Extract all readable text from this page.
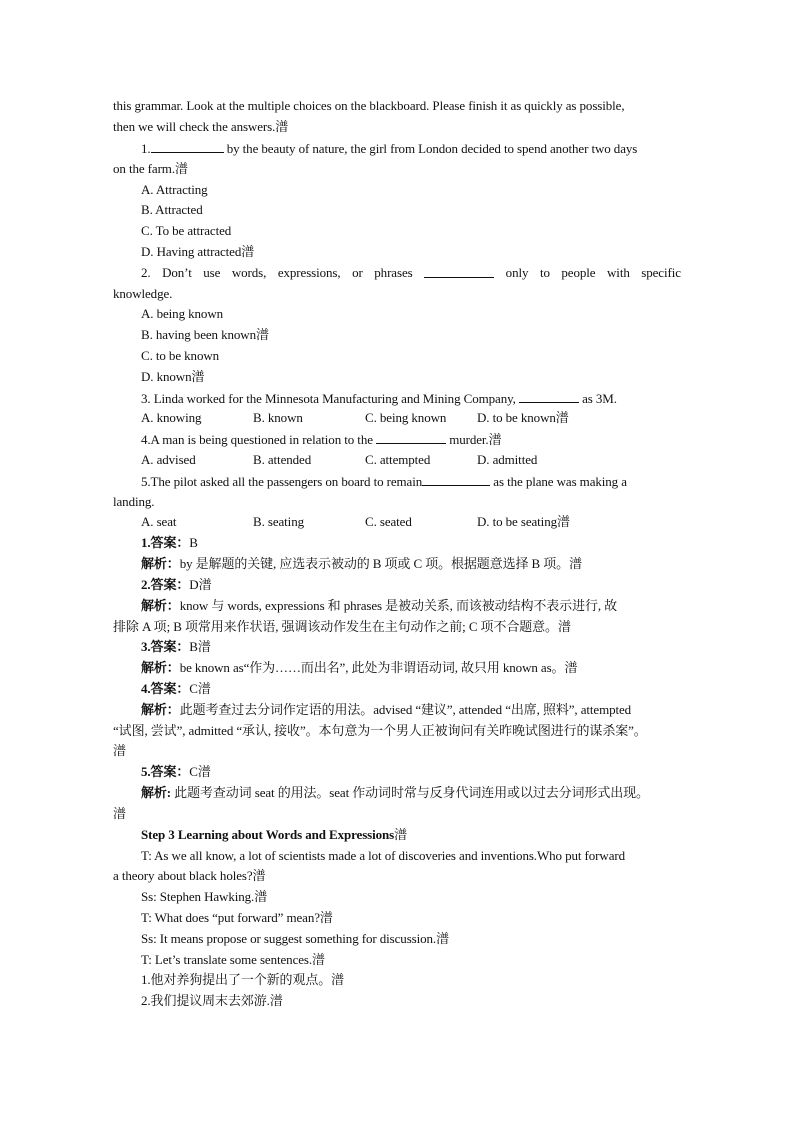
this grammar. Look at the multiple choices on the blackboard. Please finish it as quickly as possible,
then we will check the answers.潽
1.	by the beauty of nature, the girl from London decided to spend another two days
on the farm.潽
A. Attracting
B. Attracted
C. To be attracted
D. Having attracted潽
2. Don’t use words, expressions, or phrases	only to people with specific
knowledge.
A. being known
B. having been known潽
C. to be known
D. known潽
3. Linda worked for the Minnesota Manufacturing and Mining Company,	as 3M.
A. knowing	B. known	C. being known D. to be known潽
4.A man is being questioned in relation to the	murder.潽
A. advised	B. attended	C. attempted	D. admitted
5.The pilot asked all the passengers on board to remain	as the plane was making a
landing.
A. seat	B. seating	C. seated	D. to be seating潽
1.答案：B
解析：by 是解题的关键, 应选表示被动的 B 项或 C 项。根据题意选择 B 项。潽
2.答案：D潽
解析：know 与 words, expressions 和 phrases 是被动关系, 而该被动结构不表示进行, 故
排除 A 项; B 项常用来作状语, 强调该动作发生在主句动作之前; C 项不合题意。潽
3.答案：B潽
解析：be known as“作为……而出名”, 此处为非谓语动词, 故只用 known as。潽
4.答案：C潽
解析：此题考查过去分词作定语的用法。advised “建议”, attended “出席, 照料”, attempted
“试图, 尝试”, admitted “承认, 接收”。本句意为一个男人正被询问有关昨晚试图进行的谋杀案”。
潽
5.答案：C潽
解析: 此题考查动词 seat 的用法。seat 作动词时常与反身代词连用或以过去分词形式出现。
潽
Step 3 Learning about Words and Expressions潽
T: As we all know, a lot of scientists made a lot of discoveries and inventions.Who put forward
a theory about black holes?潽
Ss: Stephen Hawking.潽
T: What does “put forward” mean?潽
Ss: It means propose or suggest something for discussion.潽
T: Let’s translate some sentences.潽
1.他对养狗提出了一个新的观点。潽
2.我们提议周末去郊游.潽
